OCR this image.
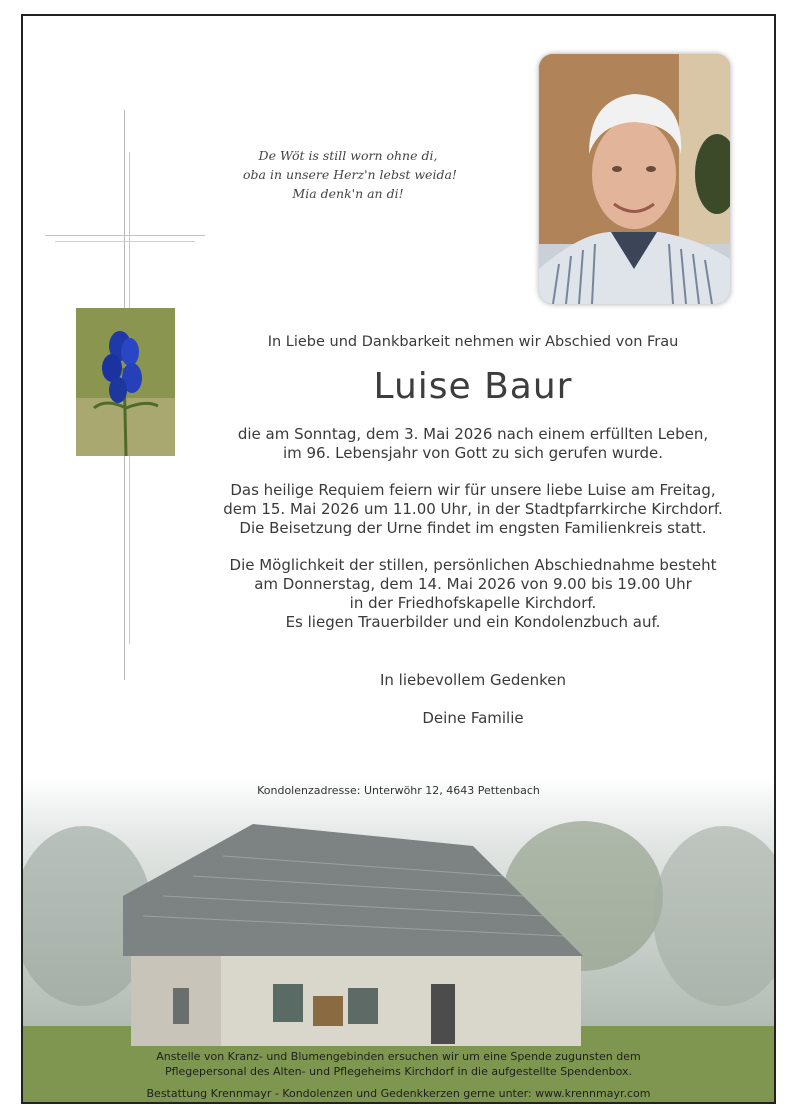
De Wöt is still worn ohne di,
oba in unsere Herz'n lebst weida!
Mia denk'n an di!
In Liebe und Dankbarkeit nehmen wir Abschied von Frau
Luise Baur
die am Sonntag, dem 3. Mai 2026 nach einem erfüllten Leben,
im 96. Lebensjahr von Gott zu sich gerufen wurde.
Das heilige Requiem feiern wir für unsere liebe Luise am Freitag,
dem 15. Mai 2026 um 11.00 Uhr, in der Stadtpfarrkirche Kirchdorf.
Die Beisetzung der Urne findet im engsten Familienkreis statt.
Die Möglichkeit der stillen, persönlichen Abschiednahme besteht
am Donnerstag, dem 14. Mai 2026 von 9.00 bis 19.00 Uhr
in der Friedhofskapelle Kirchdorf.
Es liegen Trauerbilder und ein Kondolenzbuch auf.
In liebevollem Gedenken
Deine Familie
Kondolenzadresse: Unterwöhr 12, 4643 Pettenbach
Anstelle von Kranz- und Blumengebinden ersuchen wir um eine Spende zugunsten dem
Pflegepersonal des Alten- und Pflegeheims Kirchdorf in die aufgestellte Spendenbox.
Bestattung Krennmayr - Kondolenzen und Gedenkkerzen gerne unter: www.krennmayr.com
